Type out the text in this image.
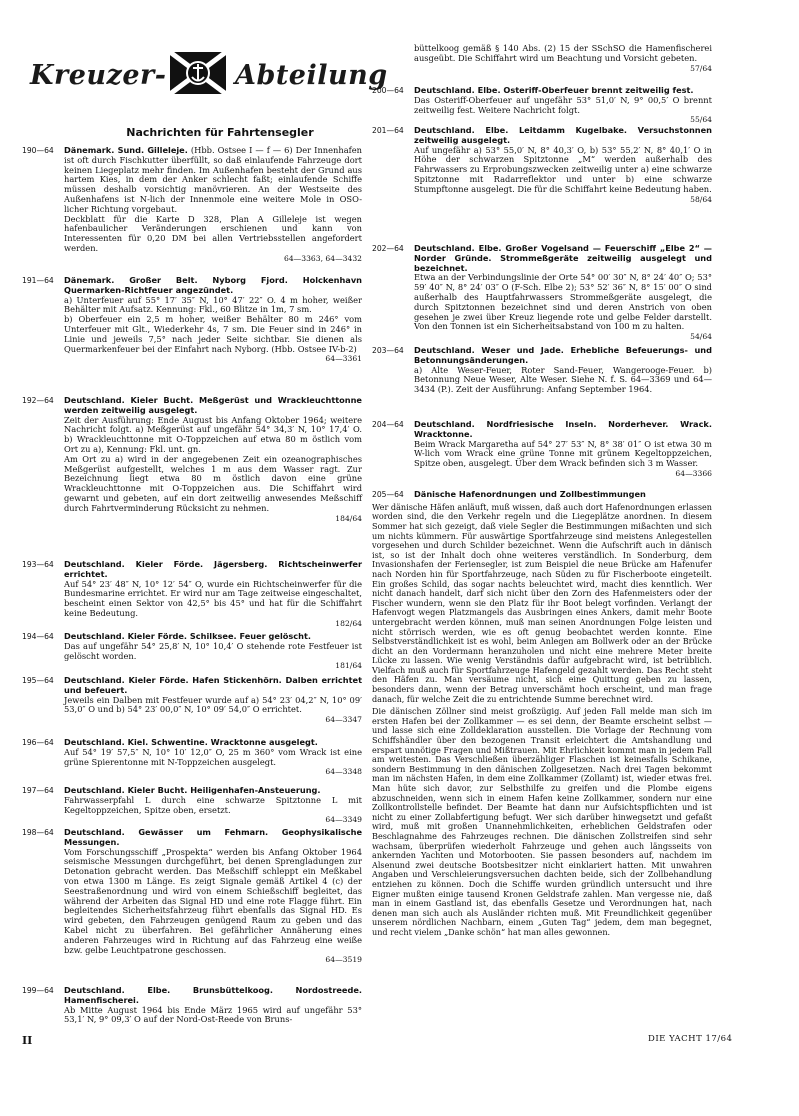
Kreuzer-	Abteilung
Nachrichten für Fahrtensegler
190—64	Dänemark. Sund. Gilleleje. (Hbb. Ostsee I — f — 6) Der Innenhafen ist oft durch Fischkutter überfüllt, so daß einlaufende Fahrzeuge dort keinen Liegeplatz mehr finden. Im Außenhafen besteht der Grund aus hartem Kies, in dem der Anker schlecht faßt; einlaufende Schiffe müssen deshalb vorsichtig manövrieren. An der Westseite des Außenhafens ist N-lich der Innenmole eine weitere Mole in OSO-licher Richtung vorgebaut.

Deckblatt für die Karte D 328, Plan A Gilleleje ist wegen hafenbaulicher Veränderungen erschienen und kann von Interessenten für 0,20 DM bei allen Vertriebsstellen angefordert werden.

64—3363, 64—3432

191—64	Dänemark. Großer Belt. Nyborg Fjord. Holckenhavn Quermarken-Richtfeuer angezündet.

a) Unterfeuer auf 55° 17′ 35″ N, 10° 47′ 22″ O. 4 m hoher, weißer Behälter mit Aufsatz. Kennung: Fkl., 60 Blitze in 1m, 7 sm.

b) Oberfeuer ein 2,5 m hoher, weißer Behälter 80 m 246° vom Unterfeuer mit Glt., Wiederkehr 4s, 7 sm. Die Feuer sind in 246° in Linie und jeweils 7,5° nach jeder Seite sichtbar. Sie dienen als Quermarkenfeuer bei der Einfahrt nach Nyborg. (Hbb. Ostsee IV-b-2)

64—3361

192—64	Deutschland. Kieler Bucht. Meßgerüst und Wrackleuchttonne werden zeitweilig ausgelegt.

Zeit der Ausführung: Ende August bis Anfang Oktober 1964; weitere Nachricht folgt. a) Meßgerüst auf ungefähr 54° 34,3′ N, 10° 17,4′ O. b) Wrackleuchttonne mit O-Toppzeichen auf etwa 80 m östlich vom Ort zu a), Kennung: Fkl. unt. gn.

Am Ort zu a) wird in der angegebenen Zeit ein ozeanographisches Meßgerüst aufgestellt, welches 1 m aus dem Wasser ragt. Zur Bezeichnung liegt etwa 80 m östlich davon eine grüne Wrackleuchttonne mit O-Toppzeichen aus. Die Schiffahrt wird gewarnt und gebeten, auf ein dort zeitweilig anwesendes Meßschiff durch Fahrtverminderung Rücksicht zu nehmen.

184/64

193—64	Deutschland. Kieler Förde. Jägersberg. Richtscheinwerfer errichtet.

Auf 54° 23′ 48″ N, 10° 12′ 54″ O, wurde ein Richtscheinwerfer für die Bundesmarine errichtet. Er wird nur am Tage zeitweise eingeschaltet, bescheint einen Sektor von 42,5° bis 45° und hat für die Schiffahrt keine Bedeutung.

182/64

194—64	Deutschland. Kieler Förde. Schilksee. Feuer gelöscht.

Das auf ungefähr 54° 25,8′ N, 10° 10,4′ O stehende rote Festfeuer ist gelöscht worden.

181/64

195—64	Deutschland. Kieler Förde. Hafen Stickenhörn. Dalben errichtet und befeuert.

Jeweils ein Dalben mit Festfeuer wurde auf a) 54° 23′ 04,2″ N, 10° 09′ 53,0″ O und b) 54° 23′ 00,0″ N, 10° 09′ 54,0″ O errichtet.

64—3347

196—64	Deutschland. Kiel. Schwentine. Wracktonne ausgelegt.

Auf 54° 19′ 57,5″ N, 10° 10′ 12,0″ O, 25 m 360° vom Wrack ist eine grüne Spierentonne mit N-Toppzeichen ausgelegt.

64—3348

197—64	Deutschland. Kieler Bucht. Heiligenhafen-Ansteuerung.

Fahrwasserpfahl L durch eine schwarze Spitztonne L mit Kegeltoppzeichen, Spitze oben, ersetzt.

64—3349

198—64	Deutschland. Gewässer um Fehmarn. Geophysikalische Messungen.

Vom Forschungsschiff „Prospekta“ werden bis Anfang Oktober 1964 seismische Messungen durchgeführt, bei denen Sprengladungen zur Detonation gebracht werden. Das Meßschiff schleppt ein Meßkabel von etwa 1300 m Länge. Es zeigt Signale gemäß Artikel 4 (c) der Seestraßenordnung und wird von einem Schießschiff begleitet, das während der Arbeiten das Signal HD und eine rote Flagge führt. Ein begleitendes Sicherheitsfahrzeug führt ebenfalls das Signal HD. Es wird gebeten, den Fahrzeugen genügend Raum zu geben und das Kabel nicht zu überfahren. Bei gefährlicher Annäherung eines anderen Fahrzeuges wird in Richtung auf das Fahrzeug eine weiße bzw. gelbe Leuchtpatrone geschossen.

64—3519

199—64	Deutschland. Elbe. Brunsbüttelkoog. Nordostreede. Hamenfischerei.

Ab Mitte August 1964 bis Ende März 1965 wird auf ungefähr 53° 53,1′ N, 9° 09,3′ O auf der Nord-Ost-Reede von Bruns-

büttelkoog gemäß § 140 Abs. (2) 15 der SSchSO die Hamenfischerei ausgeübt. Die Schiffahrt wird um Beachtung und Vorsicht gebeten.

57/64

200—64	Deutschland. Elbe. Osteriff-Oberfeuer brennt zeitweilig fest.

Das Osteriff-Oberfeuer auf ungefähr 53° 51,0′ N, 9° 00,5′ O brennt zeitweilig fest. Weitere Nachricht folgt.

55/64

201—64	Deutschland. Elbe. Leitdamm Kugelbake. Versuchstonnen zeitweilig ausgelegt.

Auf ungefähr a) 53° 55,0′ N, 8° 40,3′ O, b) 53° 55,2′ N, 8° 40,1′ O in Höhe der schwarzen Spitztonne „M“ werden außerhalb des Fahrwassers zu Erprobungszwecken zeitweilig unter a) eine schwarze Spitztonne mit Radarreflektor und unter b) eine schwarze Stumpftonne ausgelegt. Die für die Schiffahrt keine Bedeutung haben.

58/64

202—64	Deutschland. Elbe. Großer Vogelsand — Feuerschiff „Elbe 2“ — Norder Gründe. Strommeßgeräte zeitweilig ausgelegt und bezeichnet.

Etwa an der Verbindungslinie der Orte 54° 00′ 30″ N, 8° 24′ 40″ O; 53° 59′ 40″ N, 8° 24′ 03″ O (F-Sch. Elbe 2); 53° 52′ 36″ N, 8° 15′ 00″ O sind außerhalb des Hauptfahrwassers Strommeßgeräte ausgelegt, die durch Spitztonnen bezeichnet sind und deren Anstrich von oben gesehen je zwei über Kreuz liegende rote und gelbe Felder darstellt. Von den Tonnen ist ein Sicherheitsabstand von 100 m zu halten.

54/64

203—64	Deutschland. Weser und Jade. Erhebliche Befeuerungs- und Betonnungsänderungen.

a) Alte Weser-Feuer, Roter Sand-Feuer, Wangerooge-Feuer. b) Betonnung Neue Weser, Alte Weser. Siehe N. f. S. 64—3369 und 64—3434 (P.). Zeit der Ausführung: Anfang September 1964.

204—64	Deutschland. Nordfriesische Inseln. Norderhever. Wrack. Wracktonne.

Beim Wrack Margaretha auf 54° 27′ 53″ N, 8° 38′ 01″ O ist etwa 30 m W-lich vom Wrack eine grüne Tonne mit grünem Kegeltoppzeichen, Spitze oben, ausgelegt. Über dem Wrack befinden sich 3 m Wasser.

64—3366

205—64	Dänische Hafenordnungen und Zollbestimmungen

Wer dänische Häfen anläuft, muß wissen, daß auch dort Hafenordnungen erlassen worden sind, die den Verkehr regeln und die Liegeplätze anordnen. In diesem Sommer hat sich gezeigt, daß viele Segler die Bestimmungen mißachten und sich um nichts kümmern. Für auswärtige Sportfahrzeuge sind meistens Anlegestellen vorgesehen und durch Schilder bezeichnet. Wenn die Aufschrift auch in dänisch ist, so ist der Inhalt doch ohne weiteres verständlich. In Sonderburg, dem Invasionshafen der Feriensegler, ist zum Beispiel die neue Brücke am Hafenufer nach Norden hin für Sportfahrzeuge, nach Süden zu für Fischerboote eingeteilt. Ein großes Schild, das sogar nachts beleuchtet wird, macht dies kenntlich. Wer nicht danach handelt, darf sich nicht über den Zorn des Hafenmeisters oder der Fischer wundern, wenn sie den Platz für ihr Boot belegt vorfinden. Verlangt der Hafenvogt wegen Platzmangels das Ausbringen eines Ankers, damit mehr Boote untergebracht werden können, muß man seinen Anordnungen Folge leisten und nicht störrisch werden, wie es oft genug beobachtet werden konnte. Eine Selbstverständlichkeit ist es wohl, beim Anlegen am Bollwerk oder an der Brücke dicht an den Vordermann heranzuholen und nicht eine mehrere Meter breite Lücke zu lassen. Wie wenig Verständnis dafür aufgebracht wird, ist betrüblich. Vielfach muß auch für Sportfahrzeuge Hafengeld gezahlt werden. Das Recht steht den Häfen zu. Man versäume nicht, sich eine Quittung geben zu lassen, besonders dann, wenn der Betrag unverschämt hoch erscheint, und man frage danach, für welche Zeit die zu entrichtende Summe berechnet wird.

Die dänischen Zöllner sind meist großzügig. Auf jeden Fall melde man sich im ersten Hafen bei der Zollkammer — es sei denn, der Beamte erscheint selbst — und lasse sich eine Zolldeklaration ausstellen. Die Vorlage der Rechnung vom Schiffshändler über den bezogenen Transit erleichtert die Amtshandlung und erspart unnötige Fragen und Mißtrauen. Mit Ehrlichkeit kommt man in jedem Fall am weitesten. Das Verschließen überzähliger Flaschen ist keinesfalls Schikane, sondern Bestimmung in den dänischen Zollgesetzen. Nach drei Tagen bekommt man im nächsten Hafen, in dem eine Zollkammer (Zollamt) ist, wieder etwas frei. Man hüte sich davor, zur Selbsthilfe zu greifen und die Plombe eigens abzuschneiden, wenn sich in einem Hafen keine Zollkammer, sondern nur eine Zollkontrollstelle befindet. Der Beamte hat dann nur Aufsichtspflichten und ist nicht zu einer Zollabfertigung befugt. Wer sich darüber hinwegsetzt und gefaßt wird, muß mit großen Unannehmlichkeiten, erheblichen Geldstrafen oder Beschlagnahme des Fahrzeuges rechnen. Die dänischen Zollstreifen sind sehr wachsam, überprüfen wiederholt Fahrzeuge und gehen auch längsseits von ankernden Yachten und Motorbooten. Sie passen besonders auf, nachdem im Alsenund zwei deutsche Bootsbesitzer nicht einklariert hatten. Mit unwahren Angaben und Verschleierungsversuchen dachten beide, sich der Zollbehandlung entziehen zu können. Doch die Schiffe wurden gründlich untersucht und ihre Eigner mußten einige tausend Kronen Geldstrafe zahlen. Man vergesse nie, daß man in einem Gastland ist, das ebenfalls Gesetze und Verordnungen hat, nach denen man sich auch als Ausländer richten muß. Mit Freundlichkeit gegenüber unserem nördlichen Nachbarn, einem „Guten Tag“ jedem, dem man begegnet, und recht vielem „Danke schön“ hat man alles gewonnen.

II	DIE YACHT 17/64
